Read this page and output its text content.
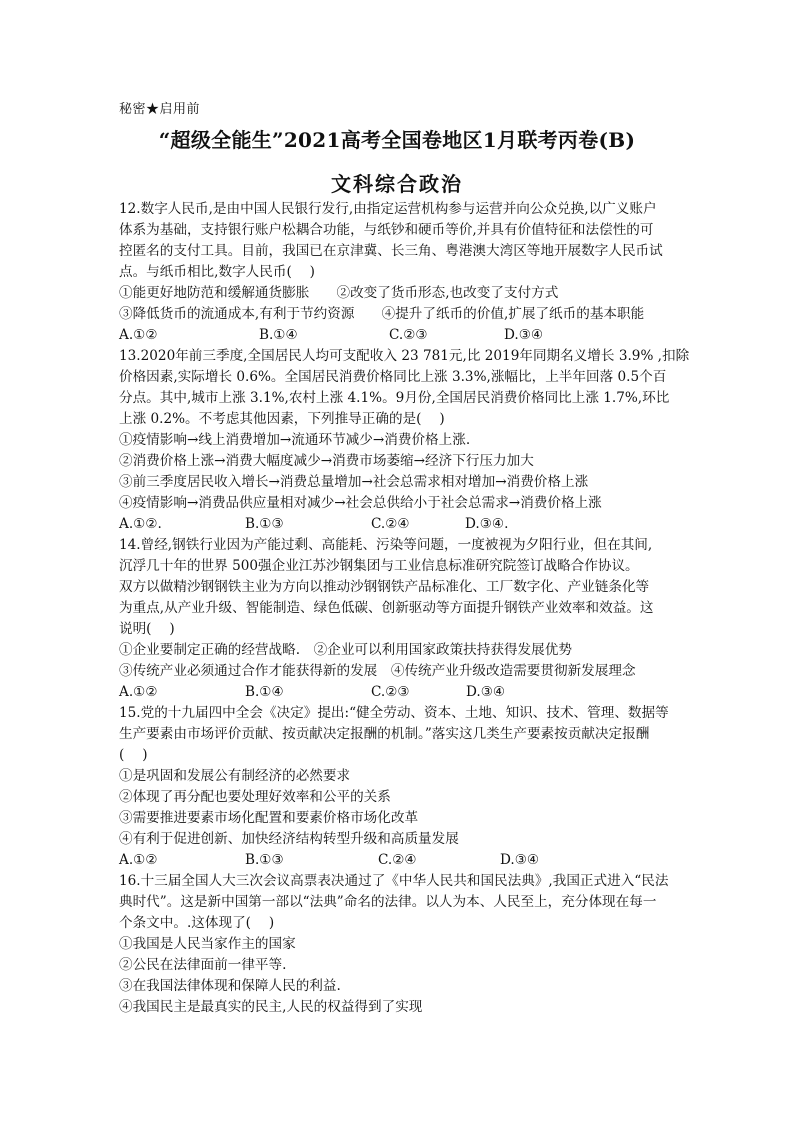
秘密★启用前
“超级全能生”2021高考全国卷地区1月联考丙卷(B)
文科综合政治
12.数字人民币,是由中国人民银行发行,由指定运营机构参与运营并向公众兑换,以广义账户
体系为基础，支持银行账户松耦合功能，与纸钞和硬币等价,并具有价值特征和法偿性的可
控匿名的支付工具。目前，我国已在京津冀、长三角、粤港澳大湾区等地开展数字人民币试
点。与纸币相比,数字人民币(　 )
①能更好地防范和缓解通货膨胀　　②改变了货币形态,也改变了支付方式
③降低货币的流通成本,有利于节约资源　　④提升了纸币的价值,扩展了纸币的基本职能
A.①②	B.①④	C.②③	D.③④
13.2020年前三季度,全国居民人均可支配收入 23 781元,比 2019年同期名义增长 3.9% ,扣除
价格因素,实际增长 0.6%。全国居民消费价格同比上涨 3.3%,涨幅比，上半年回落 0.5个百
分点。其中,城市上涨 3.1%,农村上涨 4.1%。9月份,全国居民消费价格同比上涨 1.7%,环比
上涨 0.2%。不考虑其他因素，下列推导正确的是(　 )
①疫情影响→线上消费增加→流通环节减少→消费价格上涨.
②消费价格上涨→消费大幅度减少→消费市场萎缩→经济下行压力加大
③前三季度居民收入增长→消费总量增加→社会总需求相对增加→消费价格上涨
④疫情影响→消费品供应量相对减少→社会总供给小于社会总需求→消费价格上涨
A.①②.	B.①③	C.②④	D.③④.
14.曾经,钢铁行业因为产能过剩、高能耗、污染等问题，一度被视为夕阳行业，但在其间,
沉浮几十年的世界 500强企业江苏沙钢集团与工业信息标准研究院签订战略合作协议。
双方以做精沙钢钢铁主业为方向以推动沙钢钢铁产品标准化、工厂数字化、产业链条化等
为重点,从产业升级、智能制造、绿色低碳、创新驱动等方面提升钢铁产业效率和效益。这
说明(　 )
①企业要制定正确的经营战略.　②企业可以利用国家政策扶持获得发展优势
③传统产业必须通过合作才能获得新的发展　④传统产业升级改造需要贯彻新发展理念
A.①②	B.①④	C.②③	D.③④
15.党的十九届四中全会《决定》提出:“健全劳动、资本、土地、知识、技术、管理、数据等
生产要素由市场评价贡献、按贡献决定报酬的机制。”落实这几类生产要素按贡献决定报酬
(　 )
①是巩固和发展公有制经济的必然要求
②体现了再分配也要处理好效率和公平的关系
③需要推进要素市场化配置和要素价格市场化改革
④有利于促进创新、加快经济结构转型升级和高质量发展
A.①②	B.①③	C.②④	D.③④
16.十三届全国人大三次会议高票表决通过了《中华人民共和国民法典》,我国正式进入“民法
典时代”。这是新中国第一部以“法典”命名的法律。以人为本、人民至上，充分体现在每一
个条文中。.这体现了(　 )
①我国是人民当家作主的国家
②公民在法律面前一律平等.
③在我国法律体现和保障人民的利益.
④我国民主是最真实的民主,人民的权益得到了实现
